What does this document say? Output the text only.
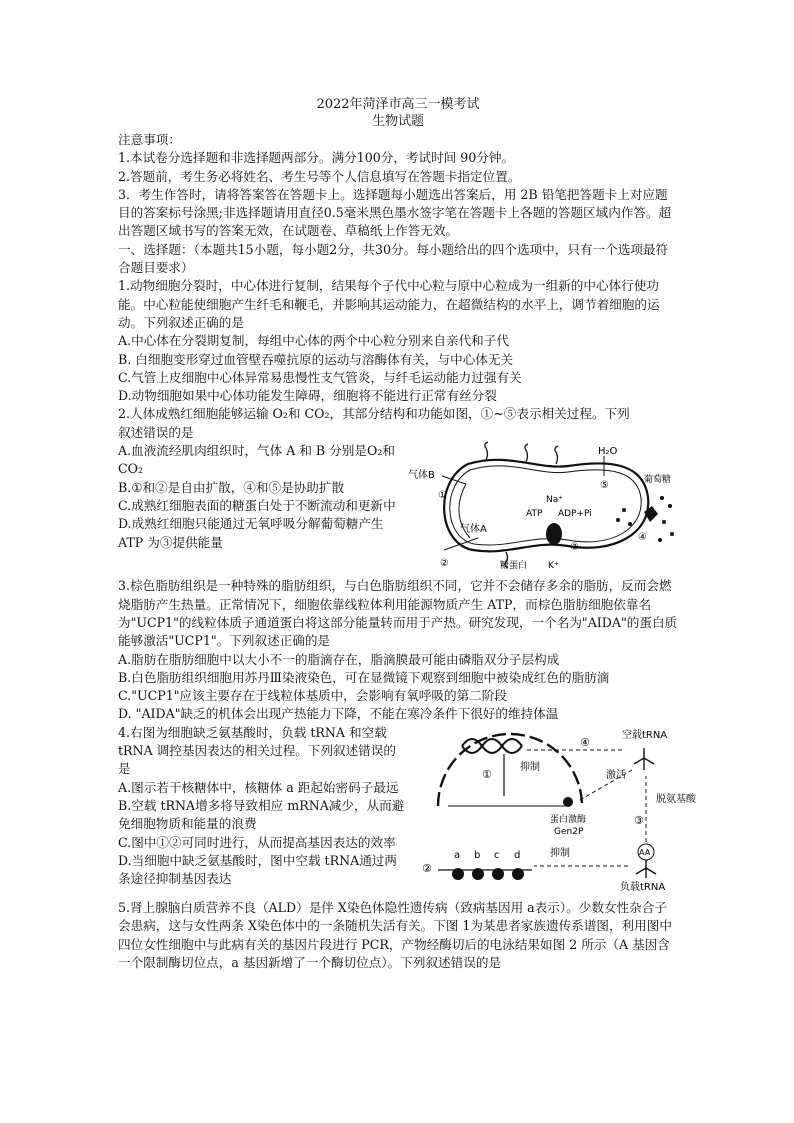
2022年菏泽市高三一模考试
生物试题
注意事项：
1.本试卷分选择题和非选择题两部分。满分100分，考试时间 90分钟。
2.答题前，考生务必将姓名、考生号等个人信息填写在答题卡指定位置。
3．考生作答时，请将答案答在答题卡上。选择题每小题选出答案后，用 2B 铅笔把答题卡上对应题目的答案标号涂黑;非选择题请用直径0.5毫米黑色墨水签字笔在答题卡上各题的答题区域内作答。超出答题区域书写的答案无效，在试题卷、草稿纸上作答无效。
一、选择题：（本题共15小题，每小题2分，共30分。每小题给出的四个选项中，只有一个选项最符合题目要求）
1.动物细胞分裂时，中心体进行复制，结果每个子代中心粒与原中心粒成为一组新的中心体行使功能。中心粒能使细胞产生纤毛和鞭毛，并影响其运动能力，在超微结构的水平上，调节着细胞的运动。下列叙述正确的是
A.中心体在分裂期复制，每组中心体的两个中心粒分别来自亲代和子代
B. 白细胞变形穿过血管壁吞噬抗原的运动与溶酶体有关，与中心体无关
C.气管上皮细胞中心体异常易患慢性支气管炎，与纤毛运动能力过强有关
D.动物细胞如果中心体功能发生障碍，细胞将不能进行正常有丝分裂
2.人体成熟红细胞能够运输 O₂和 CO₂，其部分结构和功能如图，①~⑤表示相关过程。下列
叙述错误的是
A.血液流经肌肉组织时，气体 A 和 B 分别是O₂和 CO₂
B.①和②是自由扩散，④和⑤是协助扩散
C.成熟红细胞表面的糖蛋白处于不断流动和更新中
D.成熟红细胞只能通过无氧呼吸分解葡萄糖产生 ATP 为③提供能量
气体B
①
气体A
②
H₂O
⑤
Na⁺
ATP ADP+Pi
③
K⁺
糖蛋白
④
葡萄糖
3.棕色脂肪组织是一种特殊的脂肪组织，与白色脂肪组织不同，它并不会储存多余的脂肪，反而会燃烧脂肪产生热量。正常情况下，细胞依靠线粒体利用能源物质产生 ATP，而棕色脂肪细胞依靠名为"UCP1"的线粒体质子通道蛋白将这部分能量转而用于产热。研究发现，一个名为"AIDA"的蛋白质能够激活"UCP1"。下列叙述正确的是
A.脂肪在脂肪细胞中以大小不一的脂滴存在，脂滴膜最可能由磷脂双分子层构成
B.白色脂肪组织细胞用苏丹Ⅲ染液染色，可在显微镜下观察到细胞中被染成红色的脂肪滴
C."UCP1"应该主要存在于线粒体基质中，会影响有氧呼吸的第二阶段
D. "AIDA"缺乏的机体会出现产热能力下降，不能在寒冷条件下很好的维持体温
4.右图为细胞缺乏氨基酸时，负载 tRNA 和空载 tRNA 调控基因表达的相关过程。下列叙述错误的是
A.图示若干核糖体中，核糖体 a 距起始密码子最远
B.空载 tRNA增多将导致相应 mRNA减少，从而避免细胞物质和能量的浪费
C.图中①②可同时进行，从而提高基因表达的效率
D.当细胞中缺乏氨基酸时，图中空载 tRNA通过两条途径抑制基因表达
①
④
抑制
空载tRNA
蛋白激酶
Gen2P
激活
脱氨基酸
③
AA
负载tRNA
抑制
②
a b c d
5.肾上腺脑白质营养不良（ALD）是伴 X染色体隐性遗传病（致病基因用 a表示）。少数女性杂合子会患病，这与女性两条 X染色体中的一条随机失活有关。下图 1为某患者家族遗传系谱图，利用图中四位女性细胞中与此病有关的基因片段进行 PCR，产物经酶切后的电泳结果如图 2 所示（A 基因含一个限制酶切位点，a 基因新增了一个酶切位点）。下列叙述错误的是
